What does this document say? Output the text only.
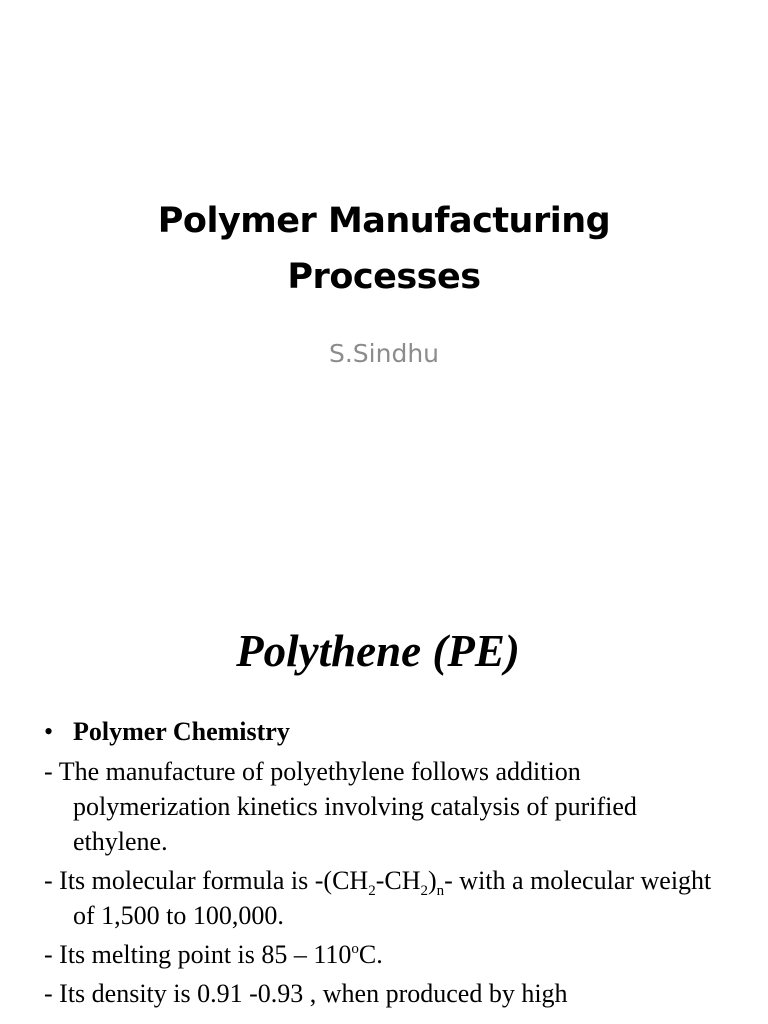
Polymer Manufacturing
Processes
S.Sindhu
Polythene (PE)
• Polymer Chemistry
- The manufacture of polyethylene follows addition polymerization kinetics involving catalysis of purified ethylene.
- Its molecular formula is $-(CH_2-CH_2)_n-$ with a molecular weight of 1,500 to 100,000.
- Its melting point is 85 – 110$^o$C.
- Its density is 0.91 -0.93 , when produced by high
